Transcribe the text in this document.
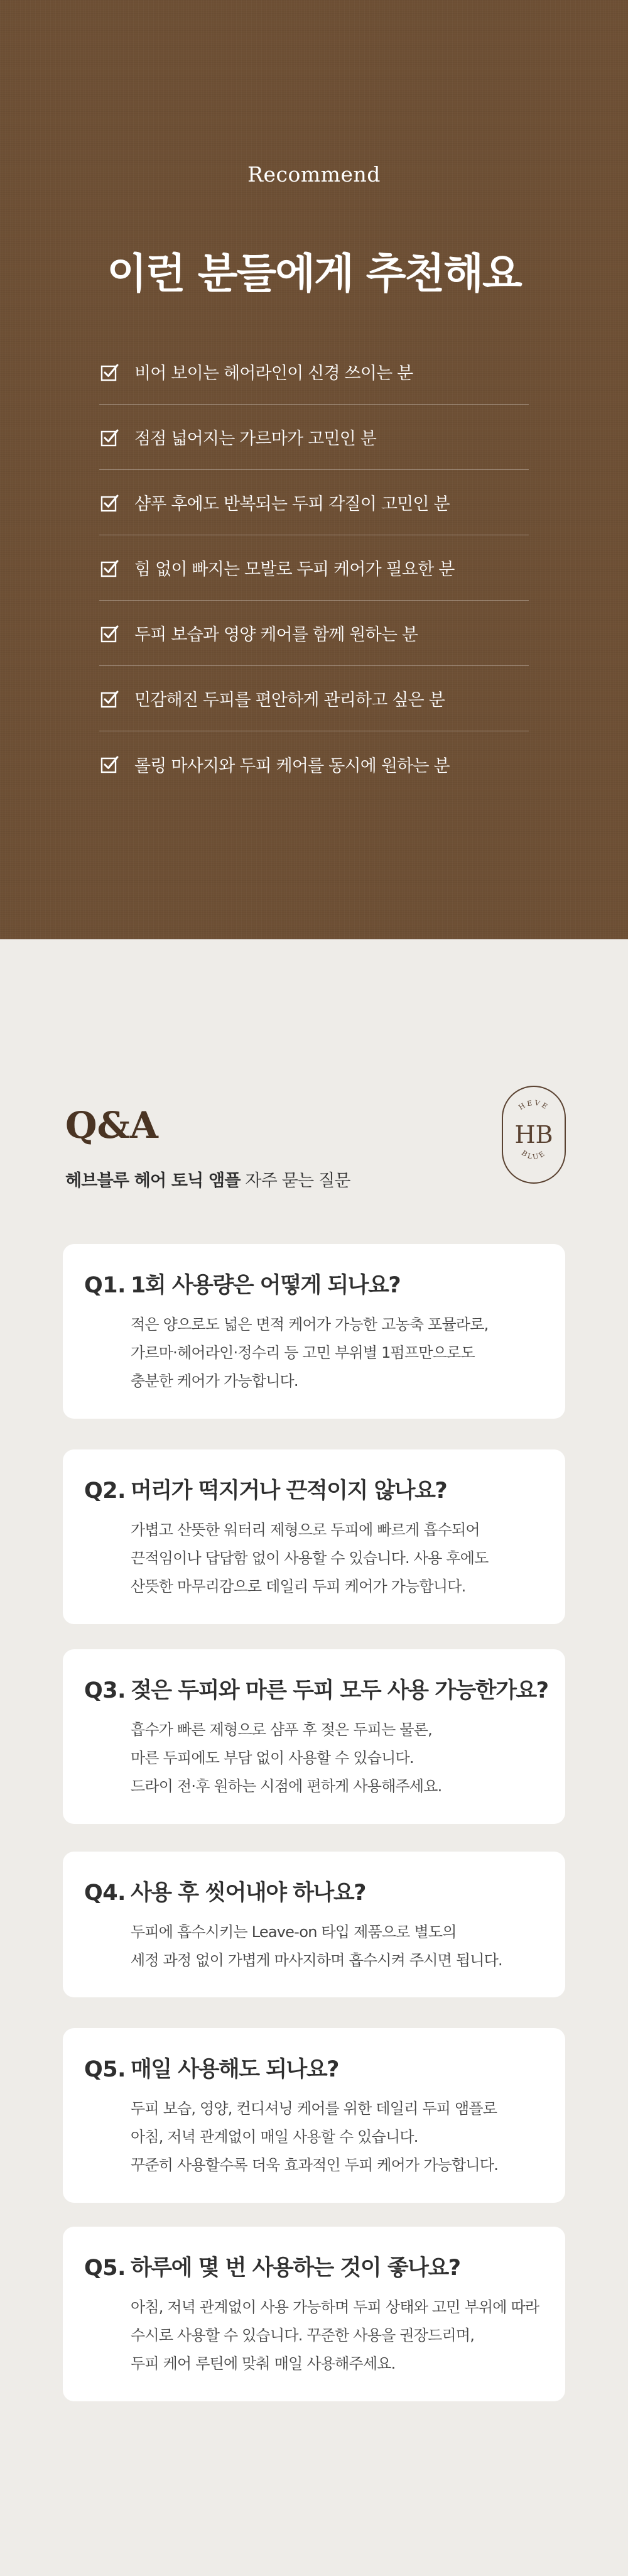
Recommend
이런 분들에게 추천해요
비어 보이는 헤어라인이 신경 쓰이는 분
점점 넓어지는 가르마가 고민인 분
샴푸 후에도 반복되는 두피 각질이 고민인 분
힘 없이 빠지는 모발로 두피 케어가 필요한 분
두피 보습과 영양 케어를 함께 원하는 분
민감해진 두피를 편안하게 관리하고 싶은 분
롤링 마사지와 두피 케어를 동시에 원하는 분
Q&A
헤브블루 헤어 토닉 앰플 자주 묻는 질문
HEVE
HB
BLUE
Q1. 1회 사용량은 어떻게 되나요?
적은 양으로도 넓은 면적 케어가 가능한 고농축 포뮬라로,
가르마·헤어라인·정수리 등 고민 부위별 1펌프만으로도
충분한 케어가 가능합니다.
Q2. 머리가 떡지거나 끈적이지 않나요?
가볍고 산뜻한 워터리 제형으로 두피에 빠르게 흡수되어
끈적임이나 답답함 없이 사용할 수 있습니다. 사용 후에도
산뜻한 마무리감으로 데일리 두피 케어가 가능합니다.
Q3. 젖은 두피와 마른 두피 모두 사용 가능한가요?
흡수가 빠른 제형으로 샴푸 후 젖은 두피는 물론,
마른 두피에도 부담 없이 사용할 수 있습니다.
드라이 전·후 원하는 시점에 편하게 사용해주세요.
Q4. 사용 후 씻어내야 하나요?
두피에 흡수시키는 Leave-on 타입 제품으로 별도의
세정 과정 없이 가볍게 마사지하며 흡수시켜 주시면 됩니다.
Q5. 매일 사용해도 되나요?
두피 보습, 영양, 컨디셔닝 케어를 위한 데일리 두피 앰플로
아침, 저녁 관계없이 매일 사용할 수 있습니다.
꾸준히 사용할수록 더욱 효과적인 두피 케어가 가능합니다.
Q5. 하루에 몇 번 사용하는 것이 좋나요?
아침, 저녁 관계없이 사용 가능하며 두피 상태와 고민 부위에 따라
수시로 사용할 수 있습니다. 꾸준한 사용을 권장드리며,
두피 케어 루틴에 맞춰 매일 사용해주세요.
